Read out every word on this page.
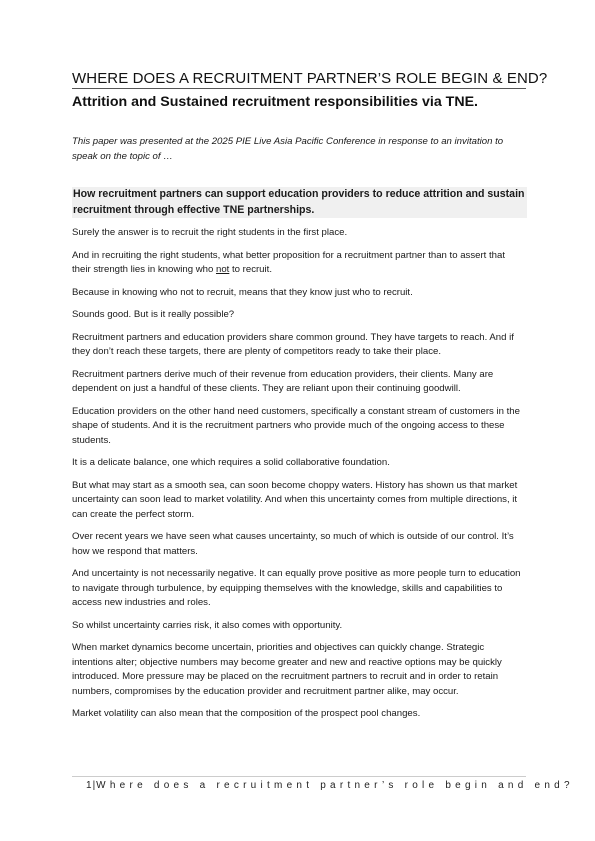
WHERE DOES A RECRUITMENT PARTNER’S ROLE BEGIN & END?
Attrition and Sustained recruitment responsibilities via TNE.
This paper was presented at the 2025 PIE Live Asia Pacific Conference in response to an invitation to speak on the topic of …
How recruitment partners can support education providers to reduce attrition and sustain recruitment through effective TNE partnerships.
Surely the answer is to recruit the right students in the first place.
And in recruiting the right students, what better proposition for a recruitment partner than to assert that their strength lies in knowing who not to recruit.
Because in knowing who not to recruit, means that they know just who to recruit.
Sounds good. But is it really possible?
Recruitment partners and education providers share common ground. They have targets to reach. And if they don’t reach these targets, there are plenty of competitors ready to take their place.
Recruitment partners derive much of their revenue from education providers, their clients. Many are dependent on just a handful of these clients. They are reliant upon their continuing goodwill.
Education providers on the other hand need customers, specifically a constant stream of customers in the shape of students. And it is the recruitment partners who provide much of the ongoing access to these students.
It is a delicate balance, one which requires a solid collaborative foundation.
But what may start as a smooth sea, can soon become choppy waters. History has shown us that market uncertainty can soon lead to market volatility. And when this uncertainty comes from multiple directions, it can create the perfect storm.
Over recent years we have seen what causes uncertainty, so much of which is outside of our control. It’s how we respond that matters.
And uncertainty is not necessarily negative. It can equally prove positive as more people turn to education to navigate through turbulence, by equipping themselves with the knowledge, skills and capabilities to access new industries and roles.
So whilst uncertainty carries risk, it also comes with opportunity.
When market dynamics become uncertain, priorities and objectives can quickly change. Strategic intentions alter; objective numbers may become greater and new and reactive options may be quickly introduced. More pressure may be placed on the recruitment partners to recruit and in order to retain numbers, compromises by the education provider and recruitment partner alike, may occur.
Market volatility can also mean that the composition of the prospect pool changes.
1|Where does a recruitment partner’s role begin and end?
